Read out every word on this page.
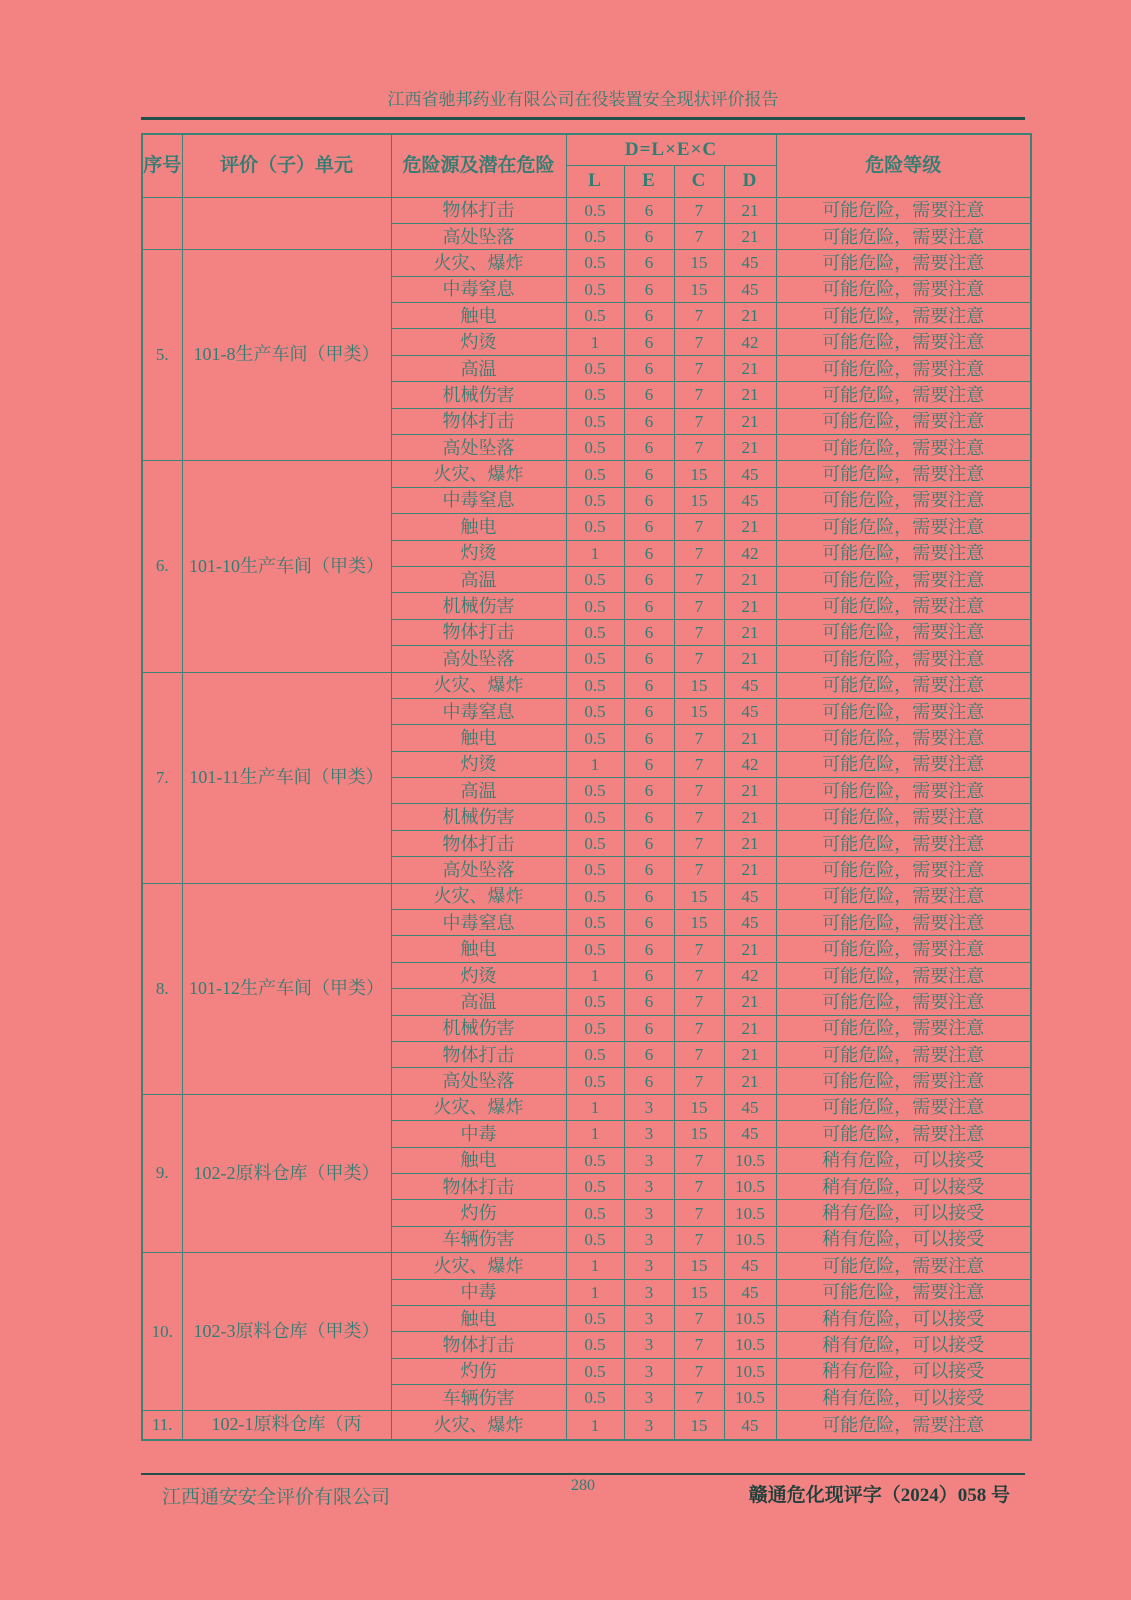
江西省驰邦药业有限公司在役装置安全现状评价报告
序号	评价（子）单元	危险源及潜在危险	D=L×E×C				危险等级
			L	E	C	D	
		物体打击	0.5	6	7	21	可能危险，需要注意
		高处坠落	0.5	6	7	21	可能危险，需要注意
5.	101-8生产车间（甲类）	火灾、爆炸	0.5	6	15	45	可能危险，需要注意
		中毒窒息	0.5	6	15	45	可能危险，需要注意
		触电	0.5	6	7	21	可能危险，需要注意
		灼烫	1	6	7	42	可能危险，需要注意
		高温	0.5	6	7	21	可能危险，需要注意
		机械伤害	0.5	6	7	21	可能危险，需要注意
		物体打击	0.5	6	7	21	可能危险，需要注意
		高处坠落	0.5	6	7	21	可能危险，需要注意
6.	101-10生产车间（甲类）	火灾、爆炸	0.5	6	15	45	可能危险，需要注意
		中毒窒息	0.5	6	15	45	可能危险，需要注意
		触电	0.5	6	7	21	可能危险，需要注意
		灼烫	1	6	7	42	可能危险，需要注意
		高温	0.5	6	7	21	可能危险，需要注意
		机械伤害	0.5	6	7	21	可能危险，需要注意
		物体打击	0.5	6	7	21	可能危险，需要注意
		高处坠落	0.5	6	7	21	可能危险，需要注意
7.	101-11生产车间（甲类）	火灾、爆炸	0.5	6	15	45	可能危险，需要注意
		中毒窒息	0.5	6	15	45	可能危险，需要注意
		触电	0.5	6	7	21	可能危险，需要注意
		灼烫	1	6	7	42	可能危险，需要注意
		高温	0.5	6	7	21	可能危险，需要注意
		机械伤害	0.5	6	7	21	可能危险，需要注意
		物体打击	0.5	6	7	21	可能危险，需要注意
		高处坠落	0.5	6	7	21	可能危险，需要注意
8.	101-12生产车间（甲类）	火灾、爆炸	0.5	6	15	45	可能危险，需要注意
		中毒窒息	0.5	6	15	45	可能危险，需要注意
		触电	0.5	6	7	21	可能危险，需要注意
		灼烫	1	6	7	42	可能危险，需要注意
		高温	0.5	6	7	21	可能危险，需要注意
		机械伤害	0.5	6	7	21	可能危险，需要注意
		物体打击	0.5	6	7	21	可能危险，需要注意
		高处坠落	0.5	6	7	21	可能危险，需要注意
9.	102-2原料仓库（甲类）	火灾、爆炸	1	3	15	45	可能危险，需要注意
		中毒	1	3	15	45	可能危险，需要注意
		触电	0.5	3	7	10.5	稍有危险，可以接受
		物体打击	0.5	3	7	10.5	稍有危险，可以接受
		灼伤	0.5	3	7	10.5	稍有危险，可以接受
		车辆伤害	0.5	3	7	10.5	稍有危险，可以接受
10.	102-3原料仓库（甲类）	火灾、爆炸	1	3	15	45	可能危险，需要注意
		中毒	1	3	15	45	可能危险，需要注意
		触电	0.5	3	7	10.5	稍有危险，可以接受
		物体打击	0.5	3	7	10.5	稍有危险，可以接受
		灼伤	0.5	3	7	10.5	稍有危险，可以接受
		车辆伤害	0.5	3	7	10.5	稍有危险，可以接受
11.	102-1原料仓库（丙	火灾、爆炸	1	3	15	45	可能危险，需要注意
江西通安安全评价有限公司
280	赣通危化现评字（2024）058 号
